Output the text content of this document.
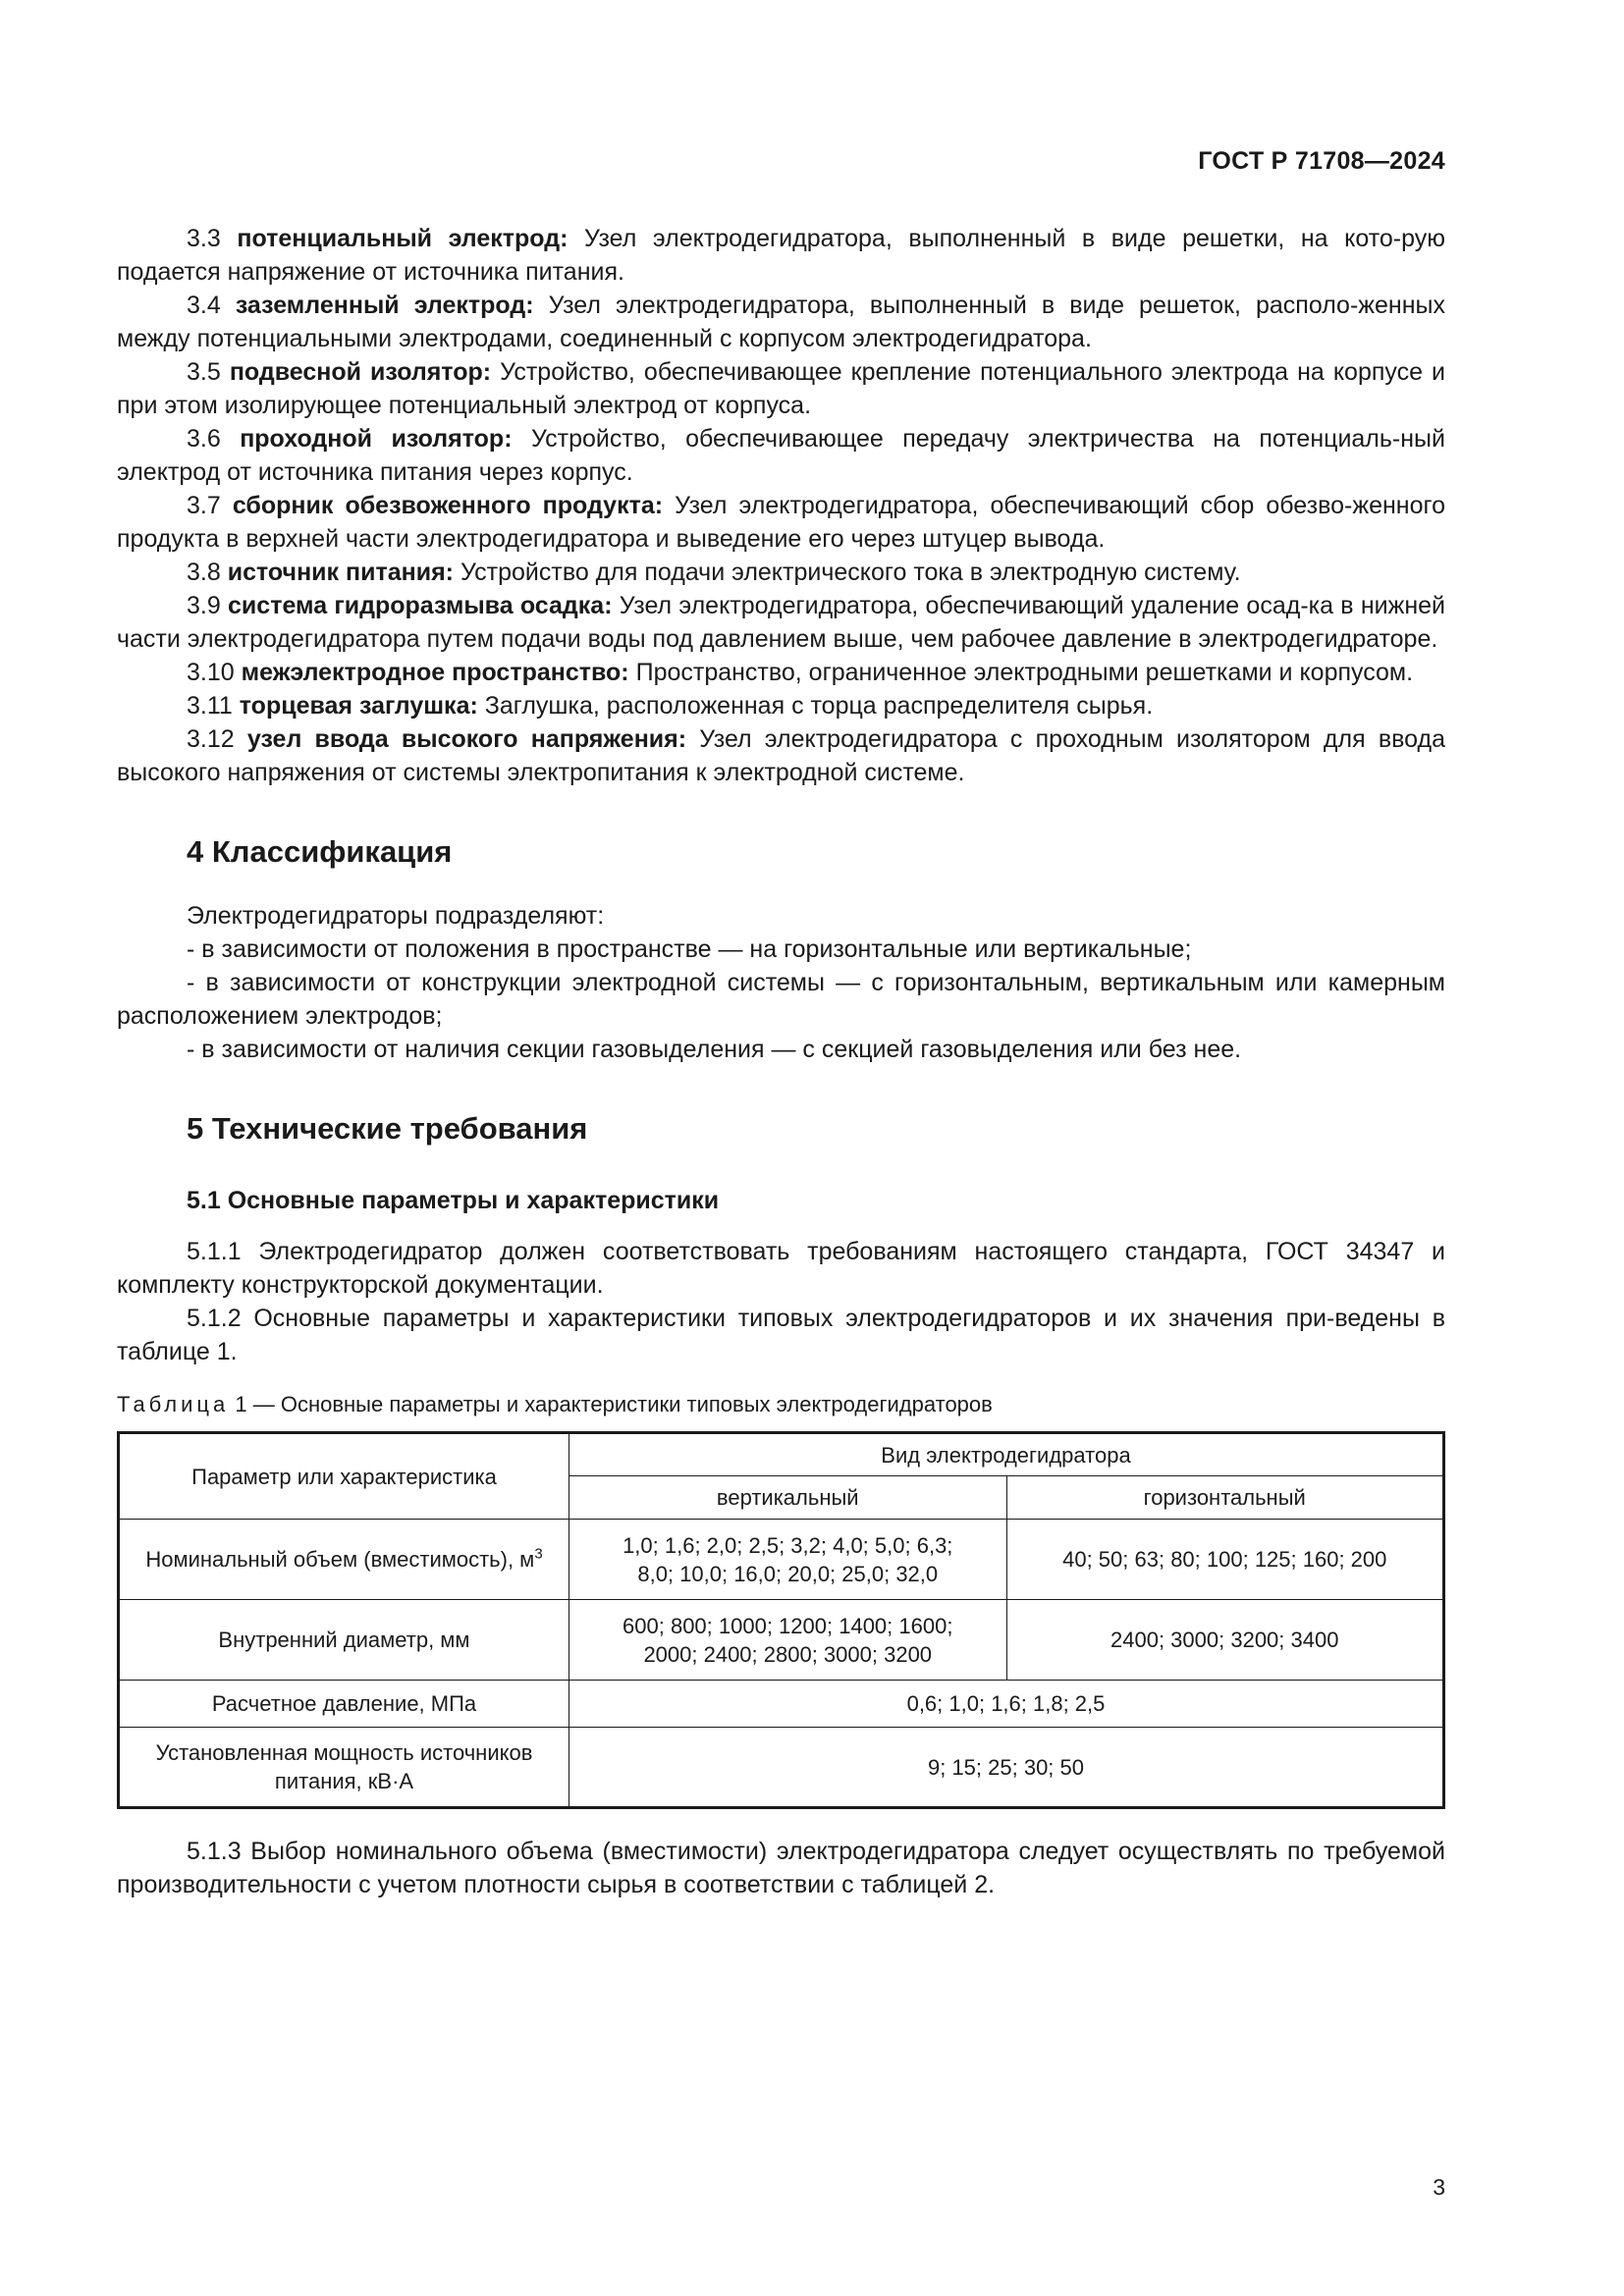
ГОСТ Р 71708—2024

3.3 потенциальный электрод: Узел электродегидратора, выполненный в виде решетки, на кото-рую подается напряжение от источника питания.

3.4 заземленный электрод: Узел электродегидратора, выполненный в виде решеток, располо-женных между потенциальными электродами, соединенный с корпусом электродегидратора.

3.5 подвесной изолятор: Устройство, обеспечивающее крепление потенциального электрода на корпусе и при этом изолирующее потенциальный электрод от корпуса.

3.6 проходной изолятор: Устройство, обеспечивающее передачу электричества на потенциаль-ный электрод от источника питания через корпус.

3.7 сборник обезвоженного продукта: Узел электродегидратора, обеспечивающий сбор обезво-женного продукта в верхней части электродегидратора и выведение его через штуцер вывода.

3.8 источник питания: Устройство для подачи электрического тока в электродную систему.

3.9 система гидроразмыва осадка: Узел электродегидратора, обеспечивающий удаление осад-ка в нижней части электродегидратора путем подачи воды под давлением выше, чем рабочее давление в электродегидраторе.

3.10 межэлектродное пространство: Пространство, ограниченное электродными решетками и корпусом.

3.11 торцевая заглушка: Заглушка, расположенная с торца распределителя сырья.

3.12 узел ввода высокого напряжения: Узел электродегидратора с проходным изолятором для ввода высокого напряжения от системы электропитания к электродной системе.

4 Классификация

Электродегидраторы подразделяют:

- в зависимости от положения в пространстве — на горизонтальные или вертикальные;

- в зависимости от конструкции электродной системы — с горизонтальным, вертикальным или камерным расположением электродов;

- в зависимости от наличия секции газовыделения — с секцией газовыделения или без нее.

5 Технические требования

5.1 Основные параметры и характеристики

5.1.1 Электродегидратор должен соответствовать требованиям настоящего стандарта, ГОСТ 34347 и комплекту конструкторской документации.

5.1.2 Основные параметры и характеристики типовых электродегидраторов и их значения при-ведены в таблице 1.

Таблица 1 — Основные параметры и характеристики типовых электродегидраторов

Параметр или характеристика	Вид электродегидратора	
	вертикальный	горизонтальный
Номинальный объем (вместимость), $м^3$	1,0; 1,6; 2,0; 2,5; 3,2; 4,0; 5,0; 6,3;
8,0; 10,0; 16,0; 20,0; 25,0; 32,0	40; 50; 63; 80; 100; 125; 160; 200
Внутренний диаметр, мм	600; 800; 1000; 1200; 1400; 1600;
2000; 2400; 2800; 3000; 3200	2400; 3000; 3200; 3400
Расчетное давление, МПа	0,6; 1,0; 1,6; 1,8; 2,5	
Установленная мощность источников
питания, кВ·А	9; 15; 25; 30; 50	

5.1.3 Выбор номинального объема (вместимости) электродегидратора следует осуществлять по требуемой производительности с учетом плотности сырья в соответствии с таблицей 2.

3
